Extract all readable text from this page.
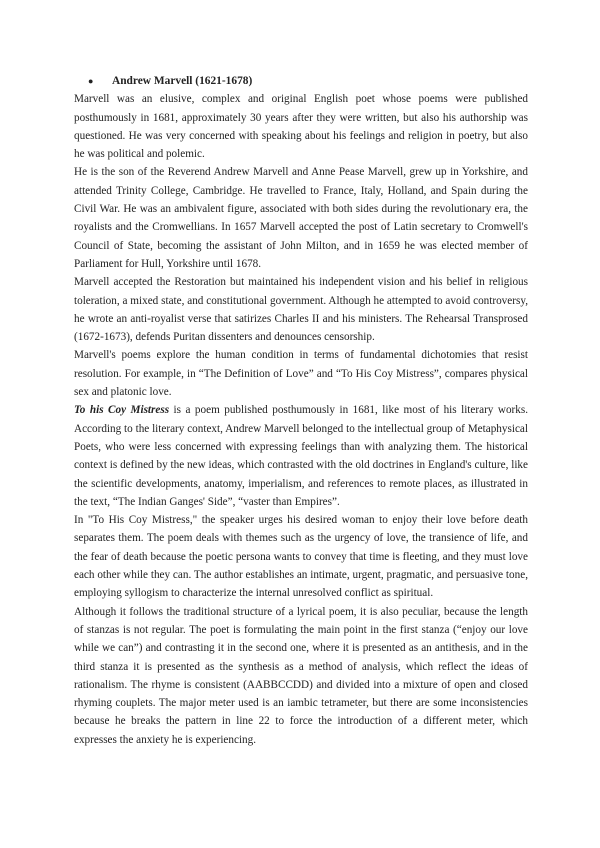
● Andrew Marvell (1621-1678)

Marvell was an elusive, complex and original English poet whose poems were published posthumously in 1681, approximately 30 years after they were written, but also his authorship was questioned. He was very concerned with speaking about his feelings and religion in poetry, but also he was political and polemic.

He is the son of the Reverend Andrew Marvell and Anne Pease Marvell, grew up in Yorkshire, and attended Trinity College, Cambridge. He travelled to France, Italy, Holland, and Spain during the Civil War. He was an ambivalent figure, associated with both sides during the revolutionary era, the royalists and the Cromwellians. In 1657 Marvell accepted the post of Latin secretary to Cromwell's Council of State, becoming the assistant of John Milton, and in 1659 he was elected member of Parliament for Hull, Yorkshire until 1678.

Marvell accepted the Restoration but maintained his independent vision and his belief in religious toleration, a mixed state, and constitutional government. Although he attempted to avoid controversy, he wrote an anti-royalist verse that satirizes Charles II and his ministers. The Rehearsal Transprosed (1672-1673), defends Puritan dissenters and denounces censorship.

Marvell's poems explore the human condition in terms of fundamental dichotomies that resist resolution. For example, in “The Definition of Love” and “To His Coy Mistress”, compares physical sex and platonic love.

To his Coy Mistress is a poem published posthumously in 1681, like most of his literary works. According to the literary context, Andrew Marvell belonged to the intellectual group of Metaphysical Poets, who were less concerned with expressing feelings than with analyzing them. The historical context is defined by the new ideas, which contrasted with the old doctrines in England's culture, like the scientific developments, anatomy, imperialism, and references to remote places, as illustrated in the text, “The Indian Ganges' Side”, “vaster than Empires”.

In "To His Coy Mistress," the speaker urges his desired woman to enjoy their love before death separates them. The poem deals with themes such as the urgency of love, the transience of life, and the fear of death because the poetic persona wants to convey that time is fleeting, and they must love each other while they can. The author establishes an intimate, urgent, pragmatic, and persuasive tone, employing syllogism to characterize the internal unresolved conflict as spiritual.

Although it follows the traditional structure of a lyrical poem, it is also peculiar, because the length of stanzas is not regular. The poet is formulating the main point in the first stanza (“enjoy our love while we can”) and contrasting it in the second one, where it is presented as an antithesis, and in the third stanza it is presented as the synthesis as a method of analysis, which reflect the ideas of rationalism. The rhyme is consistent (AABBCCDD) and divided into a mixture of open and closed rhyming couplets. The major meter used is an iambic tetrameter, but there are some inconsistencies because he breaks the pattern in line 22 to force the introduction of a different meter, which expresses the anxiety he is experiencing.
